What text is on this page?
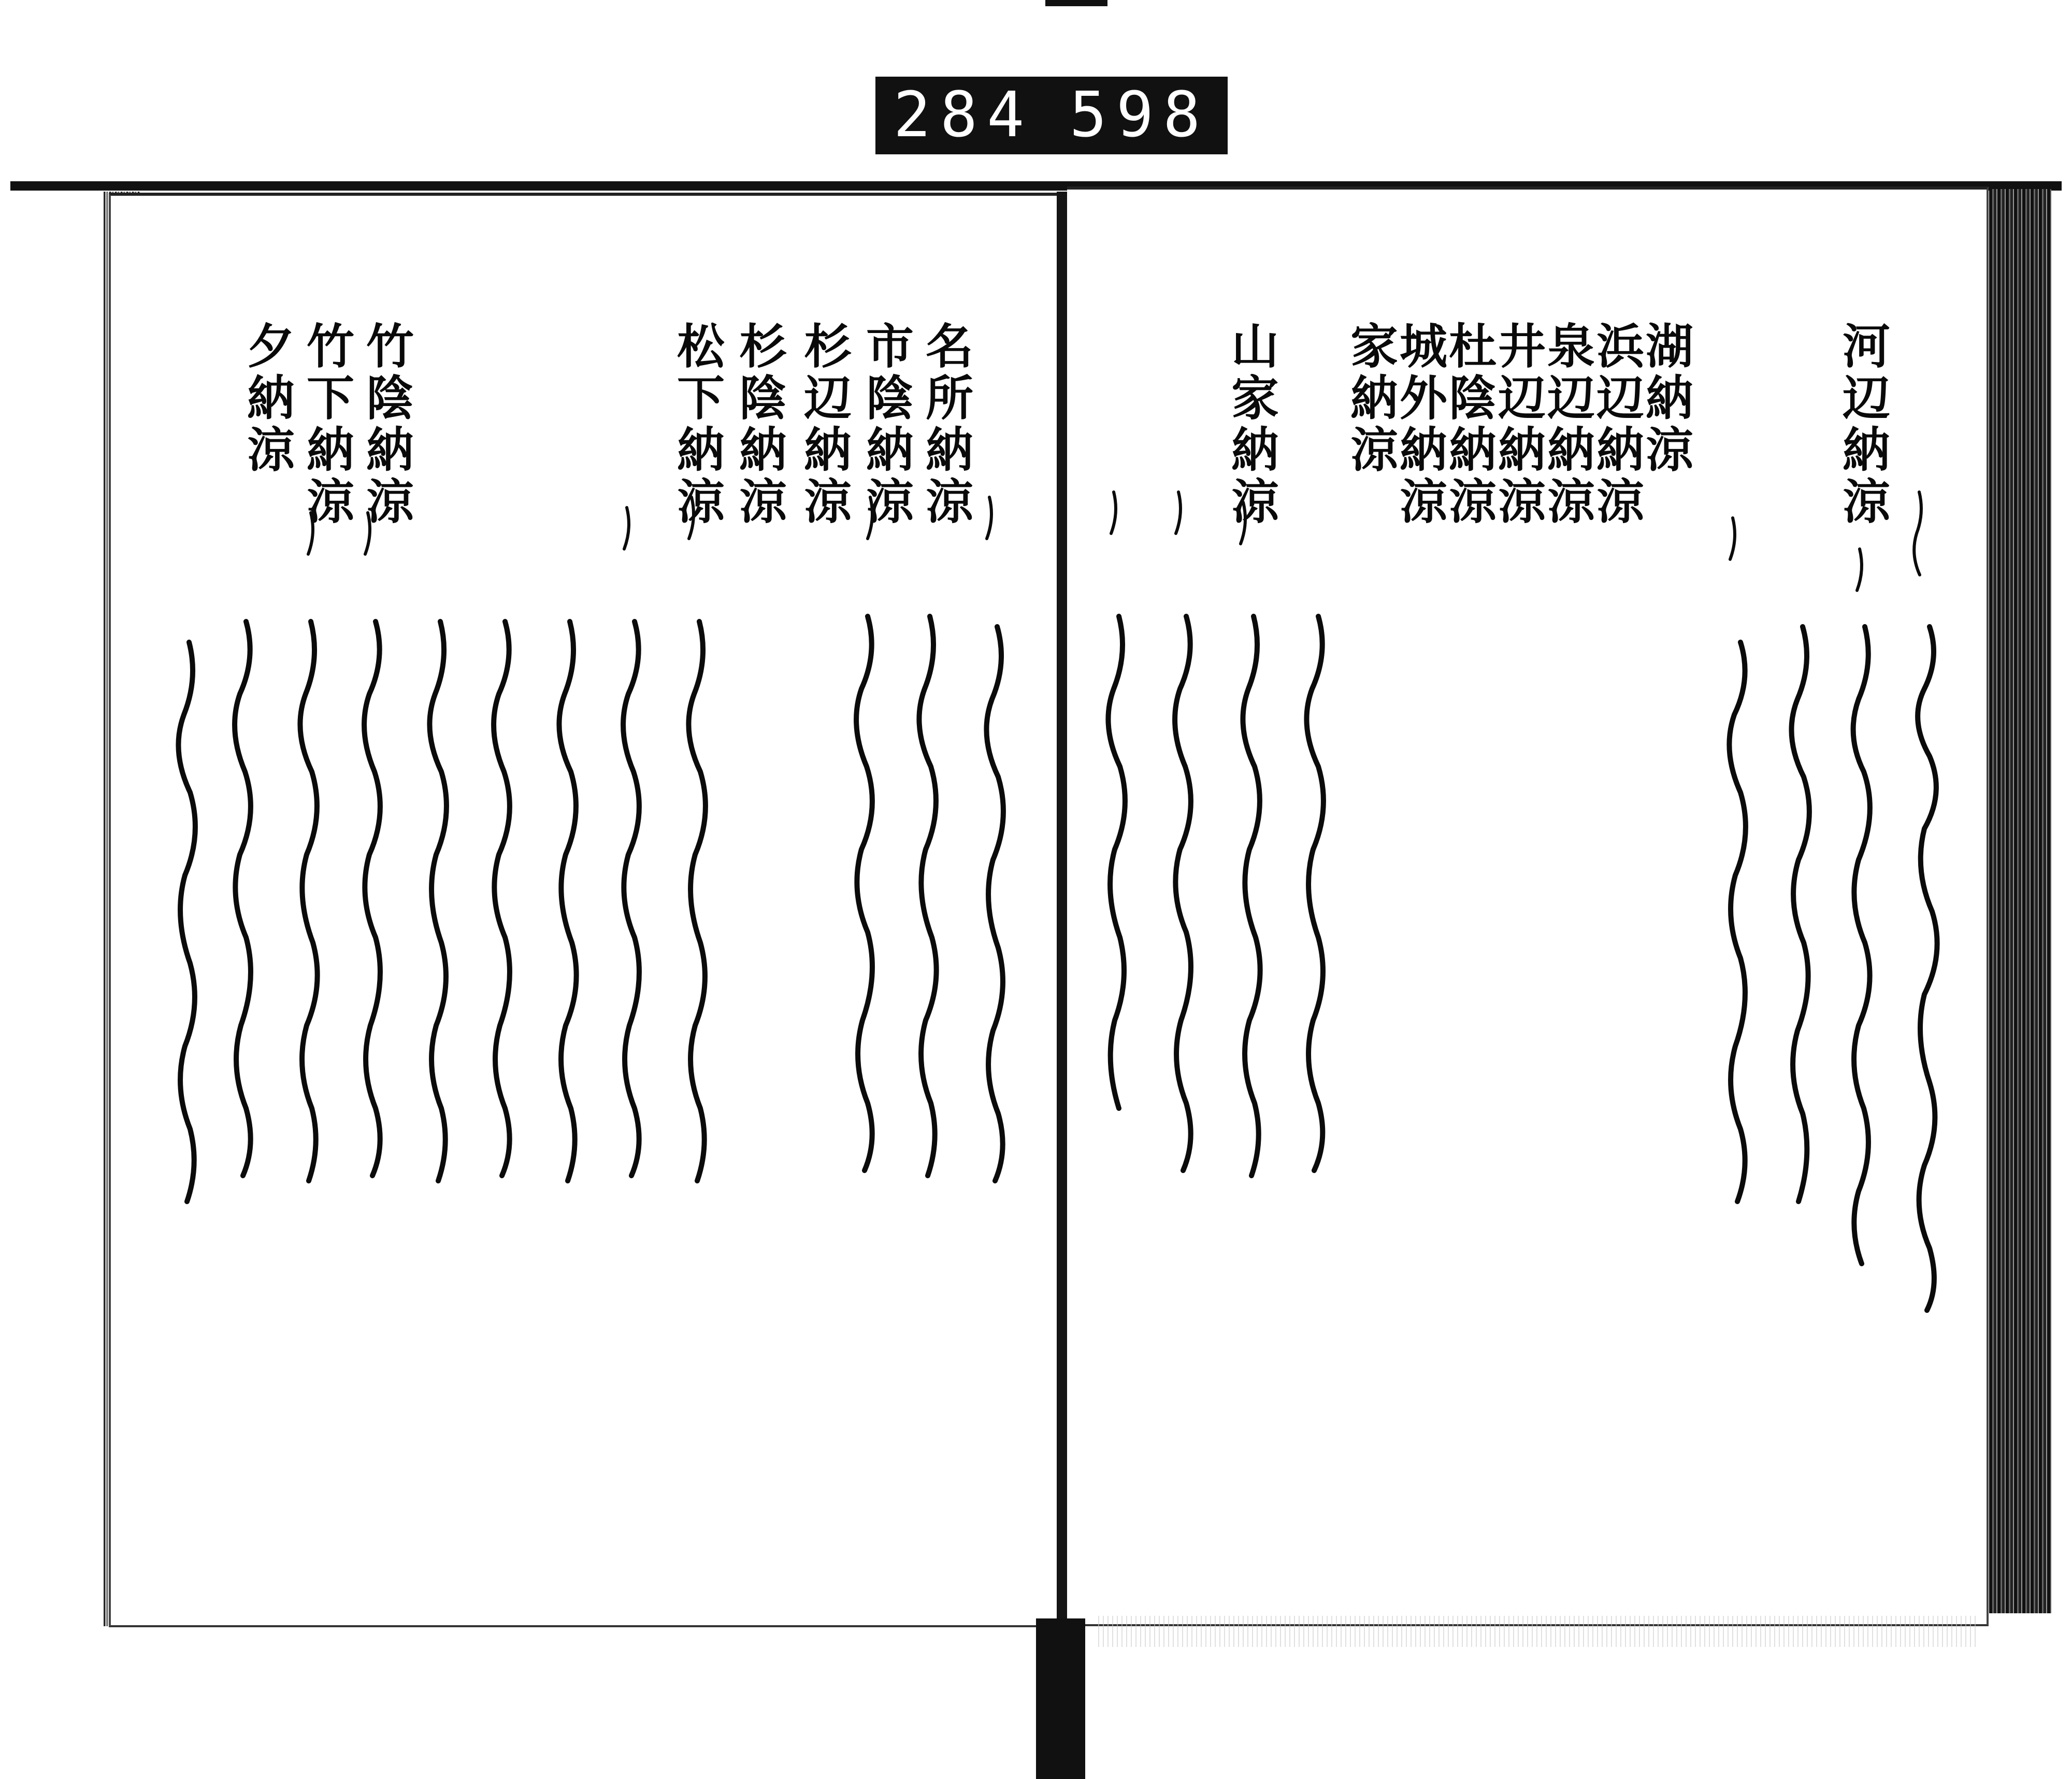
284 598
河辺納涼
湖納涼
浜辺納涼
泉辺納涼
井辺納涼
杜陰納涼
城外納涼
家納涼
山家納涼
名所納涼
市陰納涼
杉辺納涼
杉陰納涼
松下納涼
竹陰納涼
竹下納涼
夕納涼
